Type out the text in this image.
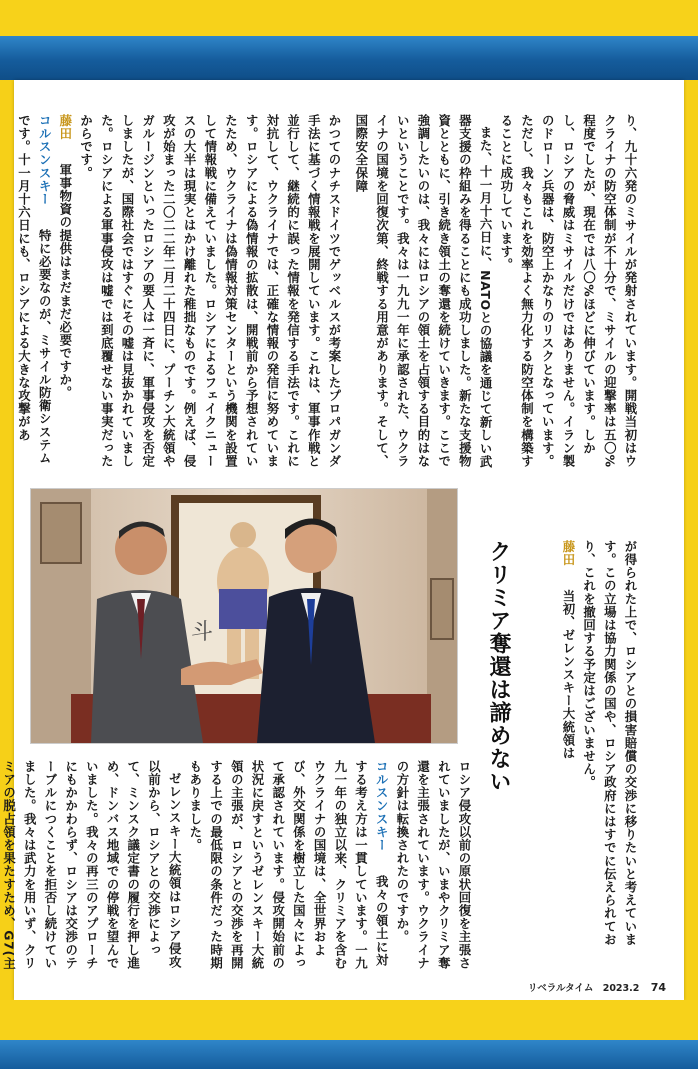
り、九十六発のミサイルが発射されています。開戦当初はウクライナの防空体制が不十分で、ミサイルの迎撃率は五〇%程度でしたが、現在では八〇%ほどに伸びています。しかし、ロシアの脅威はミサイルだけではありません。イラン製のドローン兵器は、防空上かなりのリスクとなっています。ただし、我々もこれを効率よく無力化する防空体制を構築することに成功しています。

また、十一月十六日に、NATOとの協議を通じて新しい武器支援の枠組みを得ることにも成功しました。新たな支援物資とともに、引き続き領土の奪還を続けていきます。ここで強調したいのは、我々にはロシアの領土を占領する目的はないということです。我々は一九九一年に承認された、ウクライナの国境を回復次第、終戦する用意があります。そして、国際安全保障

かつてのナチスドイツでゲッベルスが考案したプロパガンダ手法に基づく情報戦を展開しています。これは、軍事作戦と並行して、継続的に誤った情報を発信する手法です。これに対抗して、ウクライナでは、正確な情報の発信に努めています。ロシアによる偽情報の拡散は、開戦前から予想されていたため、ウクライナは偽情報対策センターという機関を設置して情報戦に備えていました。ロシアによるフェイクニュースの大半は現実とはかけ離れた稚拙なものです。例えば、侵攻が始まった二〇二二年二月二十四日に、プーチン大統領やガルージンといったロシアの要人は一斉に、軍事侵攻を否定しましたが、国際社会ではすぐにその嘘は見抜かれていました。ロシアによる軍事侵攻は嘘では到底覆せない事実だったからです。

藤田 　 軍事物資の提供はまだまだ必要ですか。

コルスンスキー 　 特に必要なのが、ミサイル防衛システムです。十一月十六日にも、ロシアによる大きな攻撃があ

斗	クリミア奪還は諦めない	が得られた上で、ロシアとの損害賠償の交渉に移りたいと考えています。この立場は協力関係の国や、ロシア政府にはすでに伝えられており、これを撤回する予定はございません。

藤田 　 当初、ゼレンスキー大統領は

ロシア侵攻以前の原状回復を主張されていましたが、いまやクリミア奪還を主張されています。ウクライナの方針は転換されたのですか。

コルスンスキー 　 我々の領土に対する考え方は一貫しています。一九九一年の独立以来、クリミアを含むウクライナの国境は、全世界および、外交関係を樹立した国々によって承認されています。侵攻開始前の状況に戻すというゼレンスキー大統領の主張が、ロシアとの交渉を再開する上での最低限の条件だった時期もありました。

ゼレンスキー大統領はロシア侵攻以前から、ロシアとの交渉によって、ミンスク議定書の履行を押し進め、ドンバス地域での停戦を望んでいました。我々の再三のアプローチにもかかわらず、ロシアは交渉のテーブルにつくことを拒否し続けていました。我々は武力を用いず、クリミアの脱占領を果たすため、G7(主

リベラルタイム 2023.2 74
